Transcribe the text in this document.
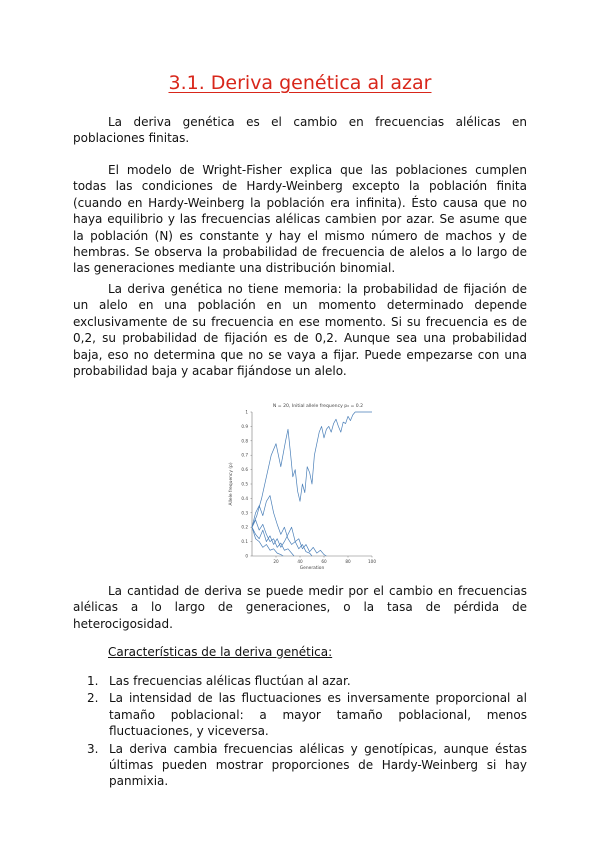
3.1. Deriva genética al azar

La deriva genética es el cambio en frecuencias alélicas en poblaciones finitas.

El modelo de Wright-Fisher explica que las poblaciones cumplen todas las condiciones de Hardy-Weinberg excepto la población finita (cuando en Hardy-Weinberg la población era infinita). Ésto causa que no haya equilibrio y las frecuencias alélicas cambien por azar. Se asume que la población (N) es constante y hay el mismo número de machos y de hembras. Se observa la probabilidad de frecuencia de alelos a lo largo de las generaciones mediante una distribución binomial.

La deriva genética no tiene memoria: la probabilidad de fijación de un alelo en una población en un momento determinado depende exclusivamente de su frecuencia en ese momento. Si su frecuencia es de 0,2, su probabilidad de fijación es de 0,2. Aunque sea una probabilidad baja, eso no determina que no se vaya a fijar. Puede empezarse con una probabilidad baja y acabar fijándose un alelo.

N = 20, Initial allele frequency p₀ = 0.2
0
0.1
0.2
0.3
0.4
0.5
0.6
0.7
0.8
0.9
1
20	40	60	80	100
Generation
Allele frequency (p)

La cantidad de deriva se puede medir por el cambio en frecuencias alélicas a lo largo de generaciones, o la tasa de pérdida de heterocigosidad.

Características de la deriva genética:

1. Las frecuencias alélicas fluctúan al azar.
2. La intensidad de las fluctuaciones es inversamente proporcional al tamaño poblacional: a mayor tamaño poblacional, menos fluctuaciones, y viceversa.
3. La deriva cambia frecuencias alélicas y genotípicas, aunque éstas últimas pueden mostrar proporciones de Hardy-Weinberg si hay panmixia.
